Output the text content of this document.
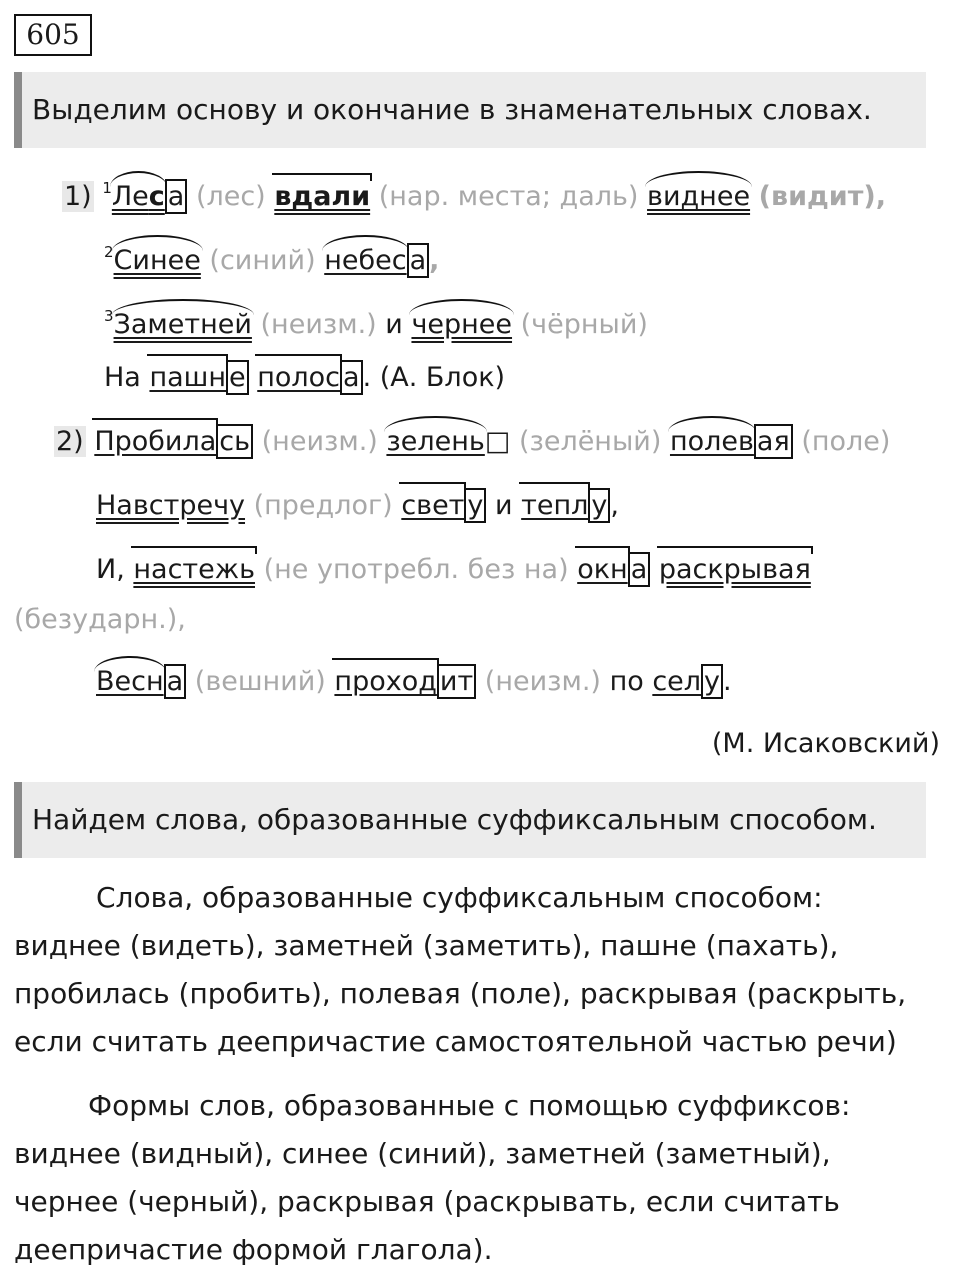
605
Выделим основу и окончание в знаменательных словах.
1) $^1$
Лес а (лес) вдали (нар. места; даль) виднее (видит),
$^2$
Синее (синий) небес а ,
$^3$
Заметней (неизм.) и чернее (чёрный)
На пашн е полос а . (А. Блок)
2) Пробила сь (неизм.) зелень□ (зелёный) полев ая (поле)
Навстречу (предлог) свет у и тепл у ,
И, настежь (не употребл. без на) окн а раскрывая
(безударн.),
Весн а (вешний) проход ит (неизм.) по сел у .
(М. Исаковский)
Найдем слова, образованные суффиксальным способом.
Слова, образованные суффиксальным способом:
виднее (видеть), заметней (заметить), пашне (пахать),
пробилась (пробить), полевая (поле), раскрывая (раскрыть,
если считать деепричастие самостоятельной частью речи)
Формы слов, образованные с помощью суффиксов:
виднее (видный), синее (синий), заметней (заметный),
чернее (черный), раскрывая (раскрывать, если считать
деепричастие формой глагола).
